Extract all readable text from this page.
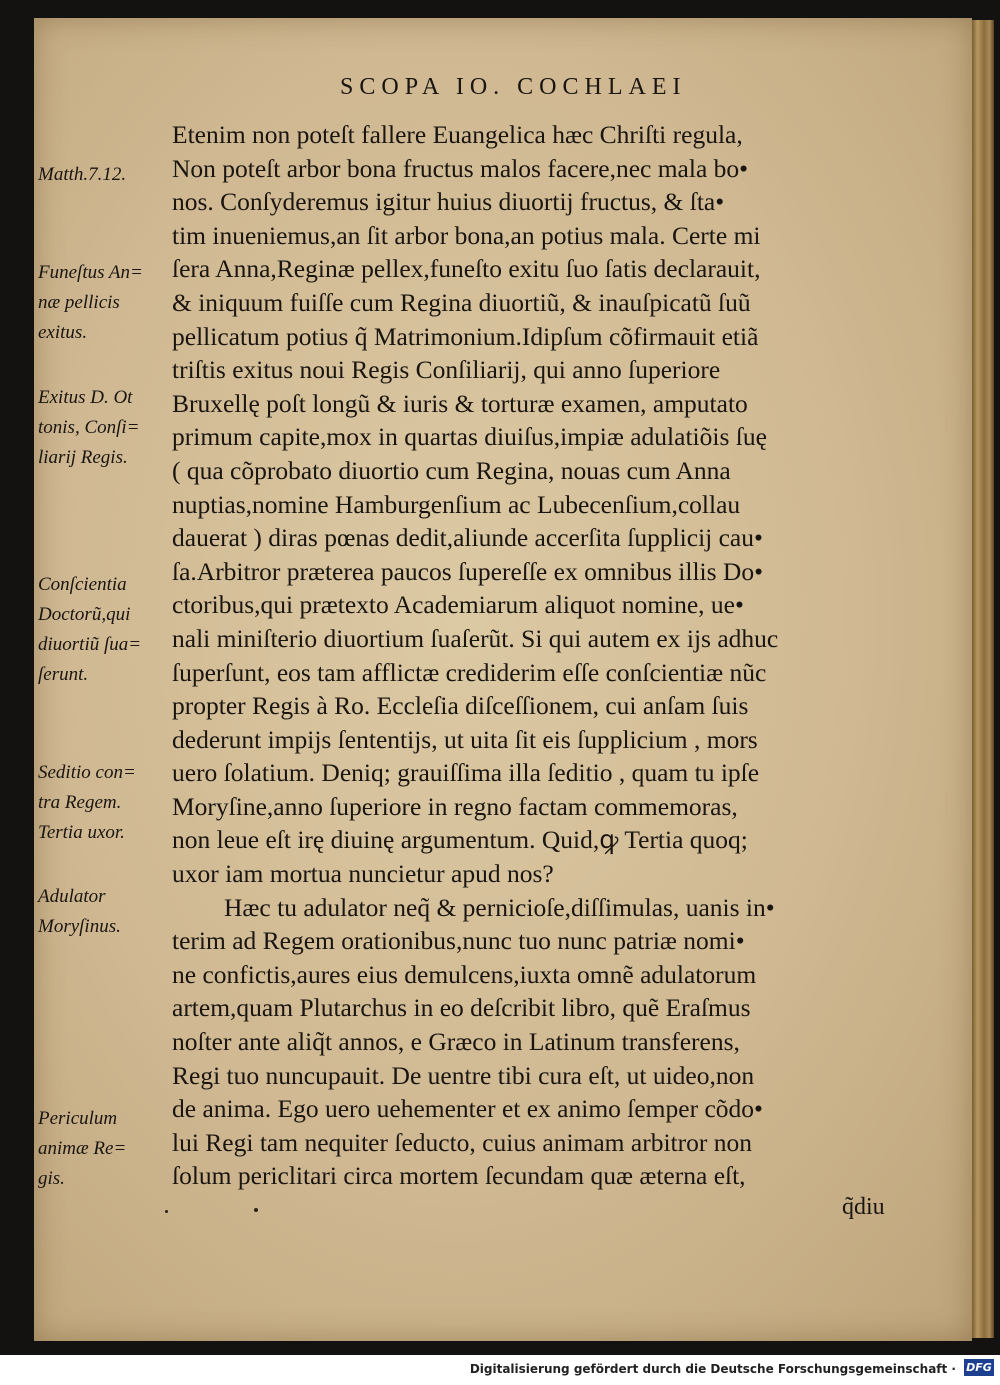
SCOPA IO. COCHLAEI
Etenim non poteſt fallere Euangelica hæc Chriſti regula,
Non poteſt arbor bona fructus malos facere,nec mala bo•
nos. Conſyderemus igitur huius diuortij fructus, & ſta•
tim inueniemus,an ſit arbor bona,an potius mala. Certe mi
ſera Anna,Reginæ pellex,funeſto exitu ſuo ſatis declarauit,
& iniquum fuiſſe cum Regina diuortiũ, & inauſpicatũ ſuũ
pellicatum potius q̃ Matrimonium.Idipſum cõfirmauit etiã
triſtis exitus noui Regis Conſiliarij, qui anno ſuperiore
Bruxellę poſt longũ & iuris & torturæ examen, amputato
primum capite,mox in quartas diuiſus,impiæ adulatiõis ſuę
( qua cõprobato diuortio cum Regina, nouas cum Anna
nuptias,nomine Hamburgenſium ac Lubecenſium,collau
dauerat ) diras pœnas dedit,aliunde accerſita ſupplicij cau•
ſa.Arbitror præterea paucos ſupereſſe ex omnibus illis Do•
ctoribus,qui prætexto Academiarum aliquot nomine, ue•
nali miniſterio diuortium ſuaſerũt. Si qui autem ex ijs adhuc
ſuperſunt, eos tam afflictæ crediderim eſſe conſcientiæ nũc
propter Regis à Ro. Eccleſia diſceſſionem, cui anſam ſuis
dederunt impijs ſententijs, ut uita ſit eis ſupplicium , mors
uero ſolatium. Deniq; grauiſſima illa ſeditio , quam tu ipſe
Moryſine,anno ſuperiore in regno factam commemoras,
non leue eſt irę diuinę argumentum. Quid,ꝙ Tertia quoq;
uxor iam mortua nuncietur apud nos?
Hæc tu adulator neq̃ & pernicioſe,diſſimulas, uanis in•
terim ad Regem orationibus,nunc tuo nunc patriæ nomi•
ne confictis,aures eius demulcens,iuxta omnẽ adulatorum
artem,quam Plutarchus in eo deſcribit libro, quẽ Eraſmus
noſter ante aliq̃t annos, e Græco in Latinum transferens,
Regi tuo nuncupauit. De uentre tibi cura eſt, ut uideo,non
de anima. Ego uero uehementer et ex animo ſemper cõdo•
lui Regi tam nequiter ſeducto, cuius animam arbitror non
ſolum periclitari circa mortem ſecundam quæ æterna eſt,
q̃diu
Matth.7.12.
Funeſtus An=
næ pellicis
exitus.
Exitus D. Ot
tonis, Conſi=
liarij Regis.
Conſcientia
Doctorũ,qui
diuortiũ ſua=
ſerunt.
Seditio con=
tra Regem.
Tertia uxor.
Adulator
Moryſinus.
Periculum
animæ Re=
gis.
Digitalisierung gefördert durch die Deutsche Forschungsgemeinschaft · DFG
